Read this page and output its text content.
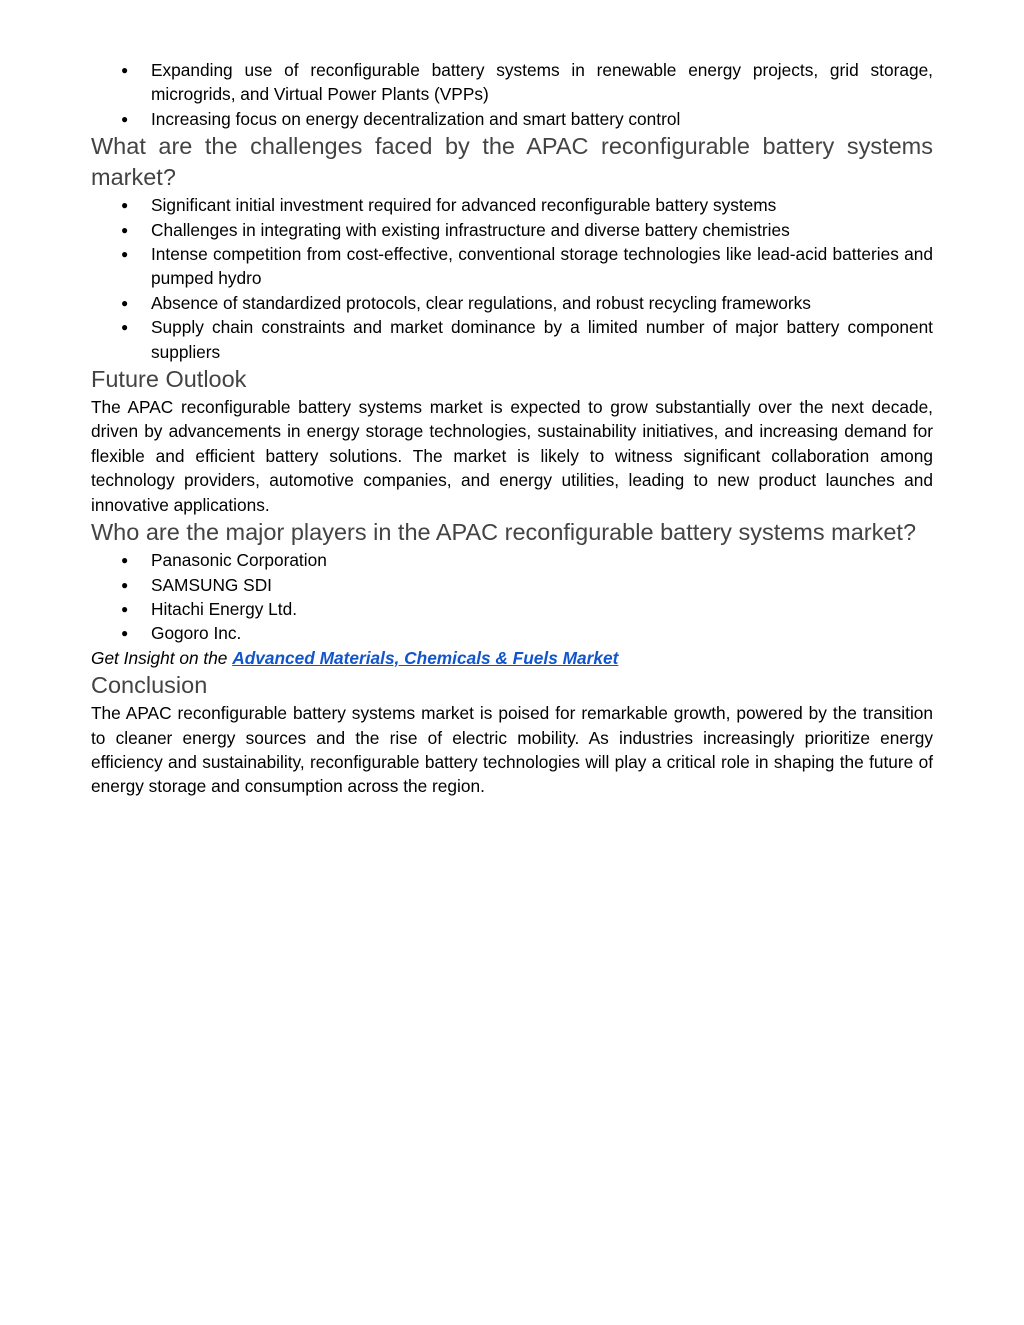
● Expanding use of reconfigurable battery systems in renewable energy projects, grid storage, microgrids, and Virtual Power Plants (VPPs)
● Increasing focus on energy decentralization and smart battery control
What are the challenges faced by the APAC reconfigurable battery systems market?
● Significant initial investment required for advanced reconfigurable battery systems
● Challenges in integrating with existing infrastructure and diverse battery chemistries
● Intense competition from cost-effective, conventional storage technologies like lead-acid batteries and pumped hydro
● Absence of standardized protocols, clear regulations, and robust recycling frameworks
● Supply chain constraints and market dominance by a limited number of major battery component suppliers
Future Outlook

The APAC reconfigurable battery systems market is expected to grow substantially over the next decade, driven by advancements in energy storage technologies, sustainability initiatives, and increasing demand for flexible and efficient battery solutions. The market is likely to witness significant collaboration among technology providers, automotive companies, and energy utilities, leading to new product launches and innovative applications.

Who are the major players in the APAC reconfigurable battery systems market?
● Panasonic Corporation
● SAMSUNG SDI
● Hitachi Energy Ltd.
● Gogoro Inc.

Get Insight on the Advanced Materials, Chemicals & Fuels Market

Conclusion

The APAC reconfigurable battery systems market is poised for remarkable growth, powered by the transition to cleaner energy sources and the rise of electric mobility. As industries increasingly prioritize energy efficiency and sustainability, reconfigurable battery technologies will play a critical role in shaping the future of energy storage and consumption across the region.
